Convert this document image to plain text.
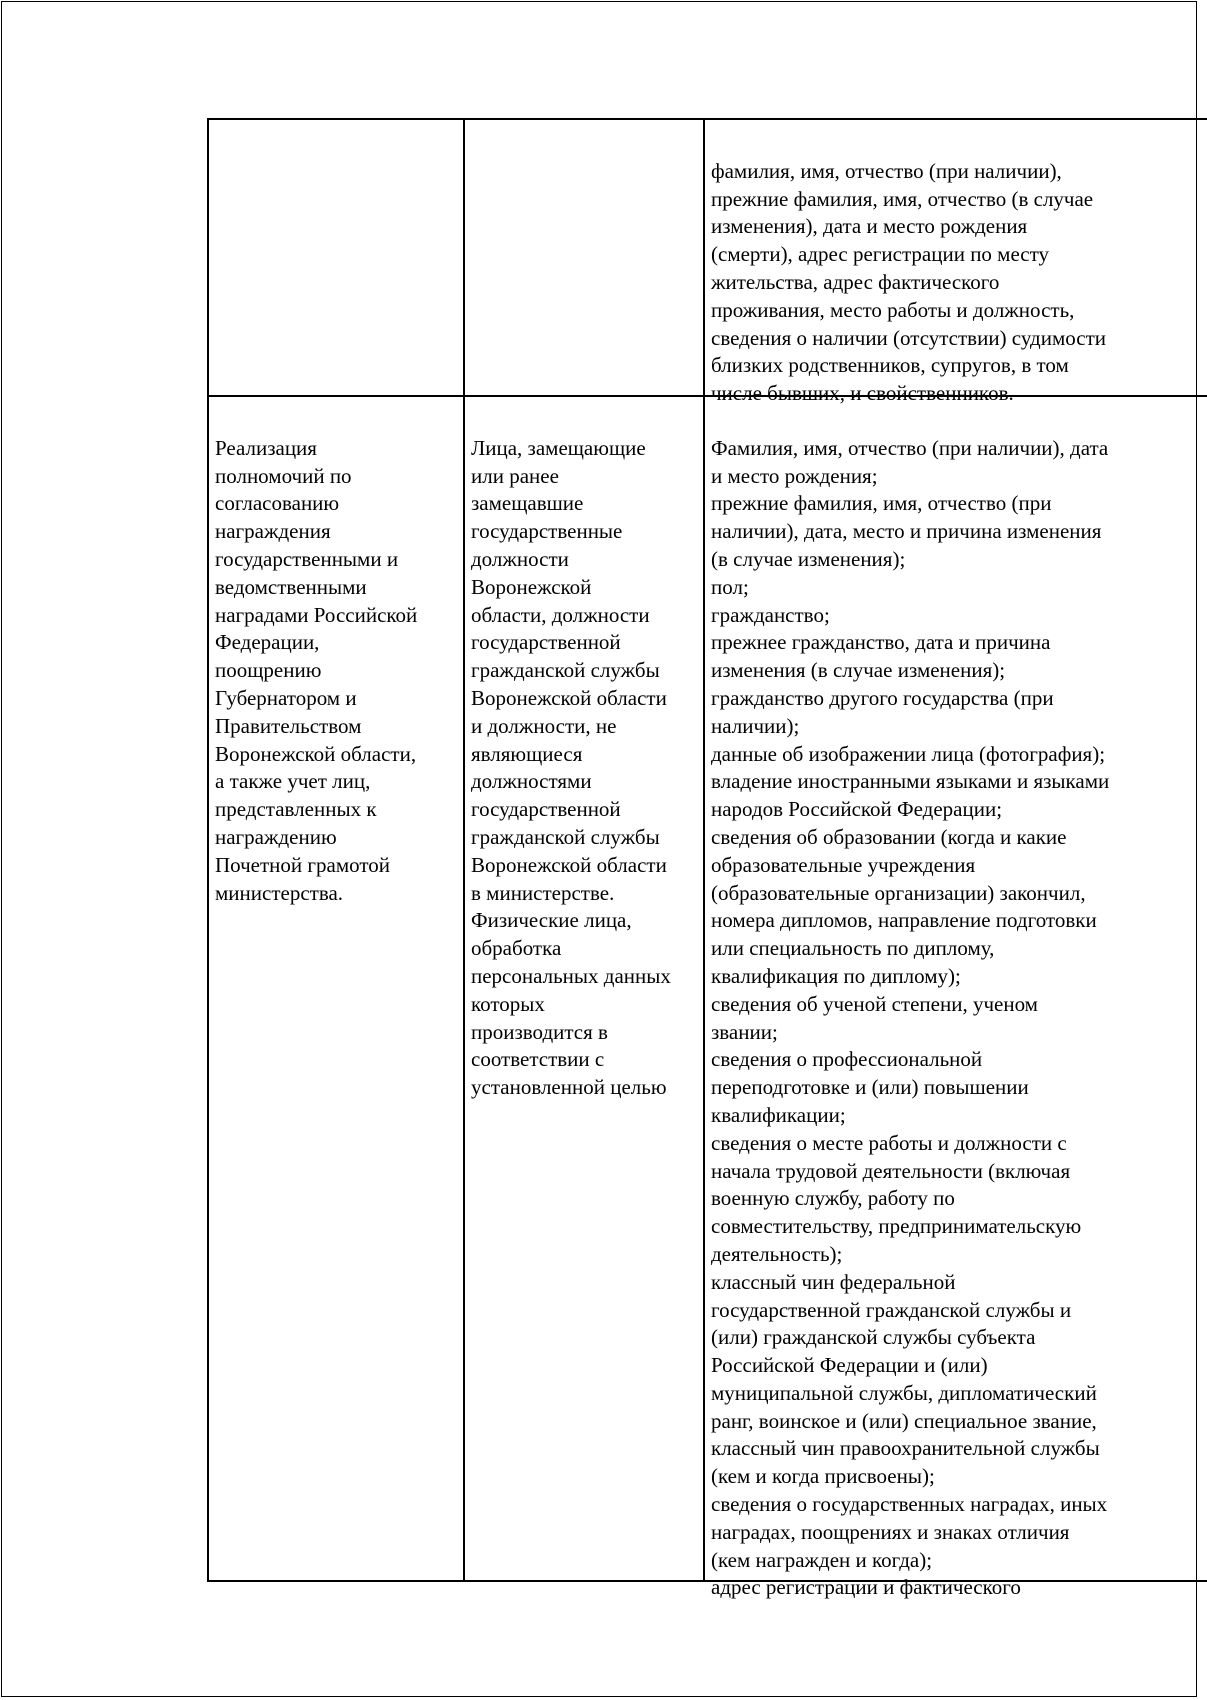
фамилия, имя, отчество (при наличии),
прежние фамилия, имя, отчество (в случае
изменения), дата и место рождения
(смерти), адрес регистрации по месту
жительства, адрес фактического
проживания, место работы и должность,
сведения о наличии (отсутствии) судимости
близких родственников, супругов, в том
числе бывших, и свойственников.

Реализация
полномочий по
согласованию
награждения
государственными и
ведомственными
наградами Российской
Федерации,
поощрению
Губернатором и
Правительством
Воронежской области,
а также учет лиц,
представленных к
награждению
Почетной грамотой
министерства.

Лица, замещающие
или ранее
замещавшие
государственные
должности
Воронежской
области, должности
государственной
гражданской службы
Воронежской области
и должности, не
являющиеся
должностями
государственной
гражданской службы
Воронежской области
в министерстве.
Физические лица,
обработка
персональных данных
которых
производится в
соответствии с
установленной целью

Фамилия, имя, отчество (при наличии), дата
и место рождения;
прежние фамилия, имя, отчество (при
наличии), дата, место и причина изменения
(в случае изменения);
пол;
гражданство;
прежнее гражданство, дата и причина
изменения (в случае изменения);
гражданство другого государства (при
наличии);
данные об изображении лица (фотография);
владение иностранными языками и языками
народов Российской Федерации;
сведения об образовании (когда и какие
образовательные учреждения
(образовательные организации) закончил,
номера дипломов, направление подготовки
или специальность по диплому,
квалификация по диплому);
сведения об ученой степени, ученом
звании;
сведения о профессиональной
переподготовке и (или) повышении
квалификации;
сведения о месте работы и должности с
начала трудовой деятельности (включая
военную службу, работу по
совместительству, предпринимательскую
деятельность);
классный чин федеральной
государственной гражданской службы и
(или) гражданской службы субъекта
Российской Федерации и (или)
муниципальной службы, дипломатический
ранг, воинское и (или) специальное звание,
классный чин правоохранительной службы
(кем и когда присвоены);
сведения о государственных наградах, иных
наградах, поощрениях и знаках отличия
(кем награжден и когда);
адрес регистрации и фактического
